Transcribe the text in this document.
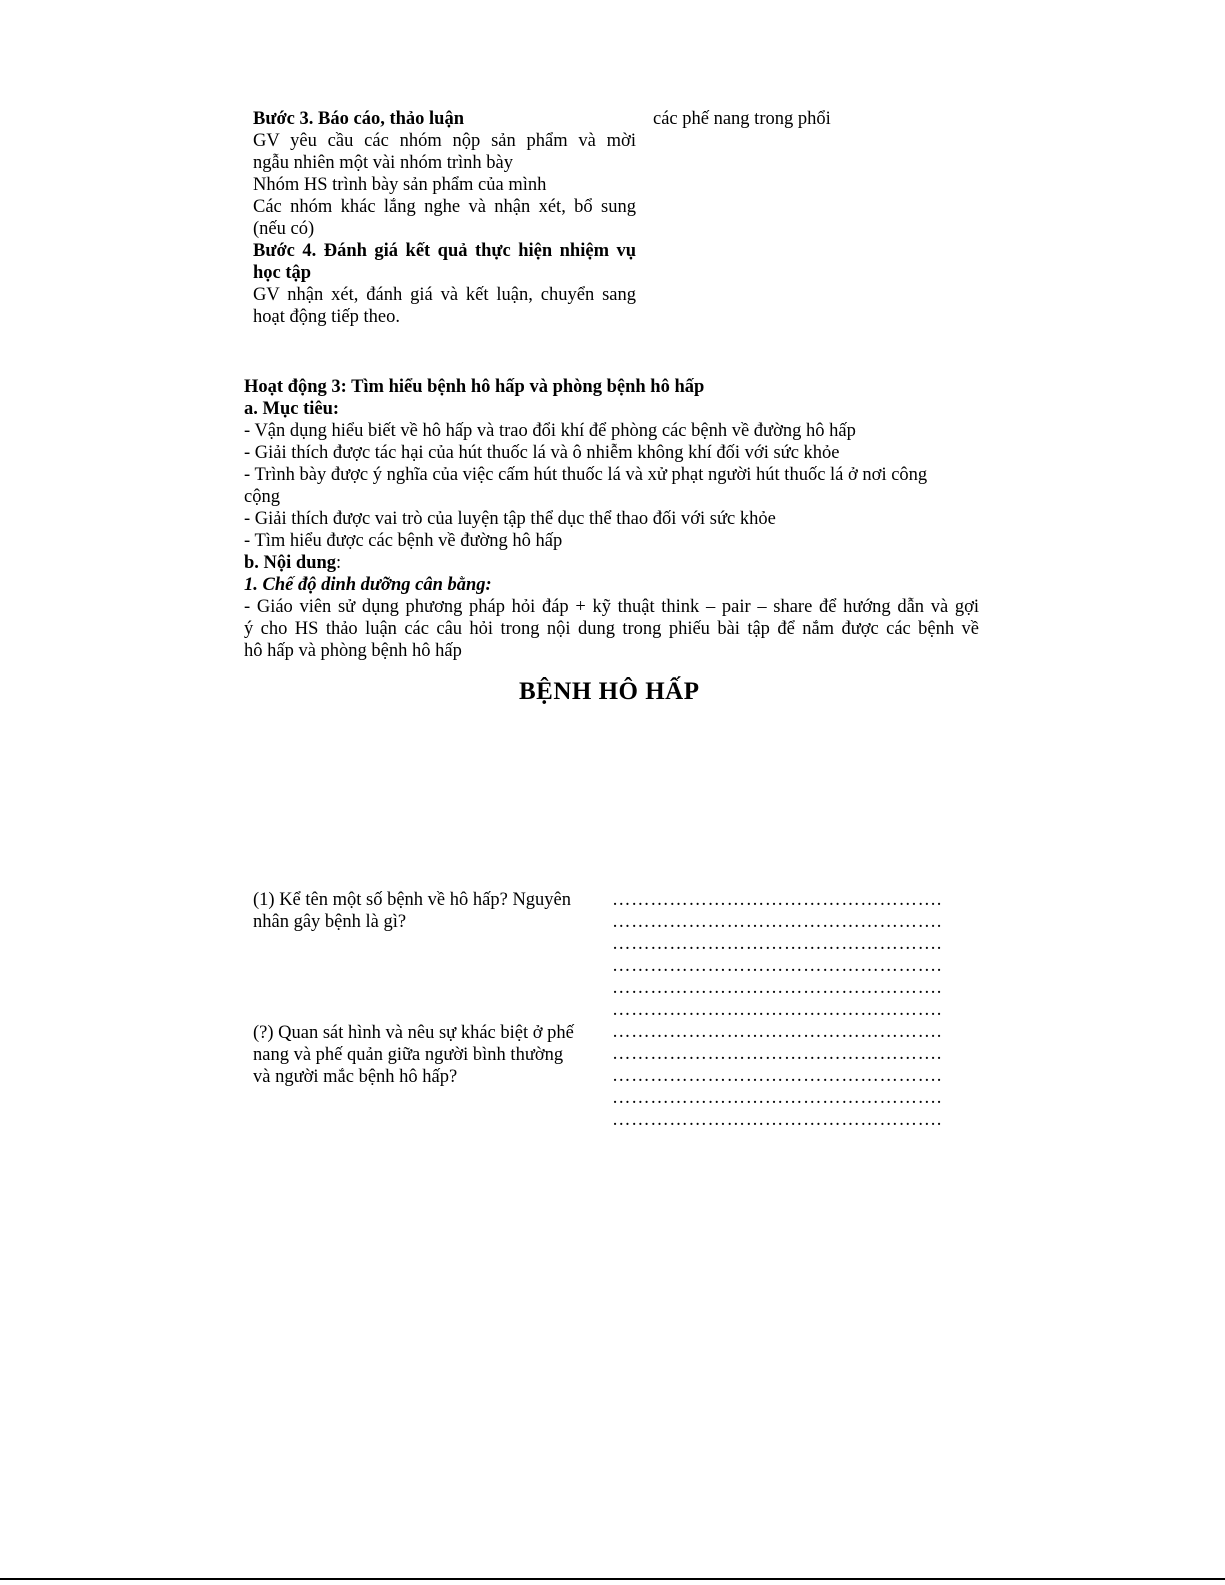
Bước 3. Báo cáo, thảo luận
GV yêu cầu các nhóm nộp sản phẩm và mời
ngẫu nhiên một vài nhóm trình bày
Nhóm HS trình bày sản phẩm của mình
Các nhóm khác lắng nghe và nhận xét, bổ sung
(nếu có)
Bước 4. Đánh giá kết quả thực hiện nhiệm vụ
học tập
GV nhận xét, đánh giá và kết luận, chuyển sang
hoạt động tiếp theo.
các phế nang trong phổi
Hoạt động 3: Tìm hiểu bệnh hô hấp và phòng bệnh hô hấp
a. Mục tiêu:
- Vận dụng hiểu biết về hô hấp và trao đổi khí để phòng các bệnh về đường hô hấp
- Giải thích được tác hại của hút thuốc lá và ô nhiễm không khí đối với sức khỏe
- Trình bày được ý nghĩa của việc cấm hút thuốc lá và xử phạt người hút thuốc lá ở nơi công
cộng
- Giải thích được vai trò của luyện tập thể dục thể thao đối với sức khỏe
- Tìm hiểu được các bệnh về đường hô hấp
b. Nội dung:
1. Chế độ dinh dưỡng cân bằng:
- Giáo viên sử dụng phương pháp hỏi đáp + kỹ thuật think – pair – share để hướng dẫn và gợi
ý cho HS thảo luận các câu hỏi trong nội dung trong phiếu bài tập để nắm được các bệnh về
hô hấp và phòng bệnh hô hấp
BỆNH HÔ HẤP
(1) Kể tên một số bệnh về hô hấp? Nguyên
nhân gây bệnh là gì?
(?) Quan sát hình và nêu sự khác biệt ở phế
nang và phế quản giữa người bình thường
và người mắc bệnh hô hấp?
…………………………………………….
…………………………………………….
…………………………………………….
…………………………………………….
…………………………………………….
…………………………………………….
…………………………………………….
…………………………………………….
…………………………………………….
…………………………………………….
…………………………………………….
